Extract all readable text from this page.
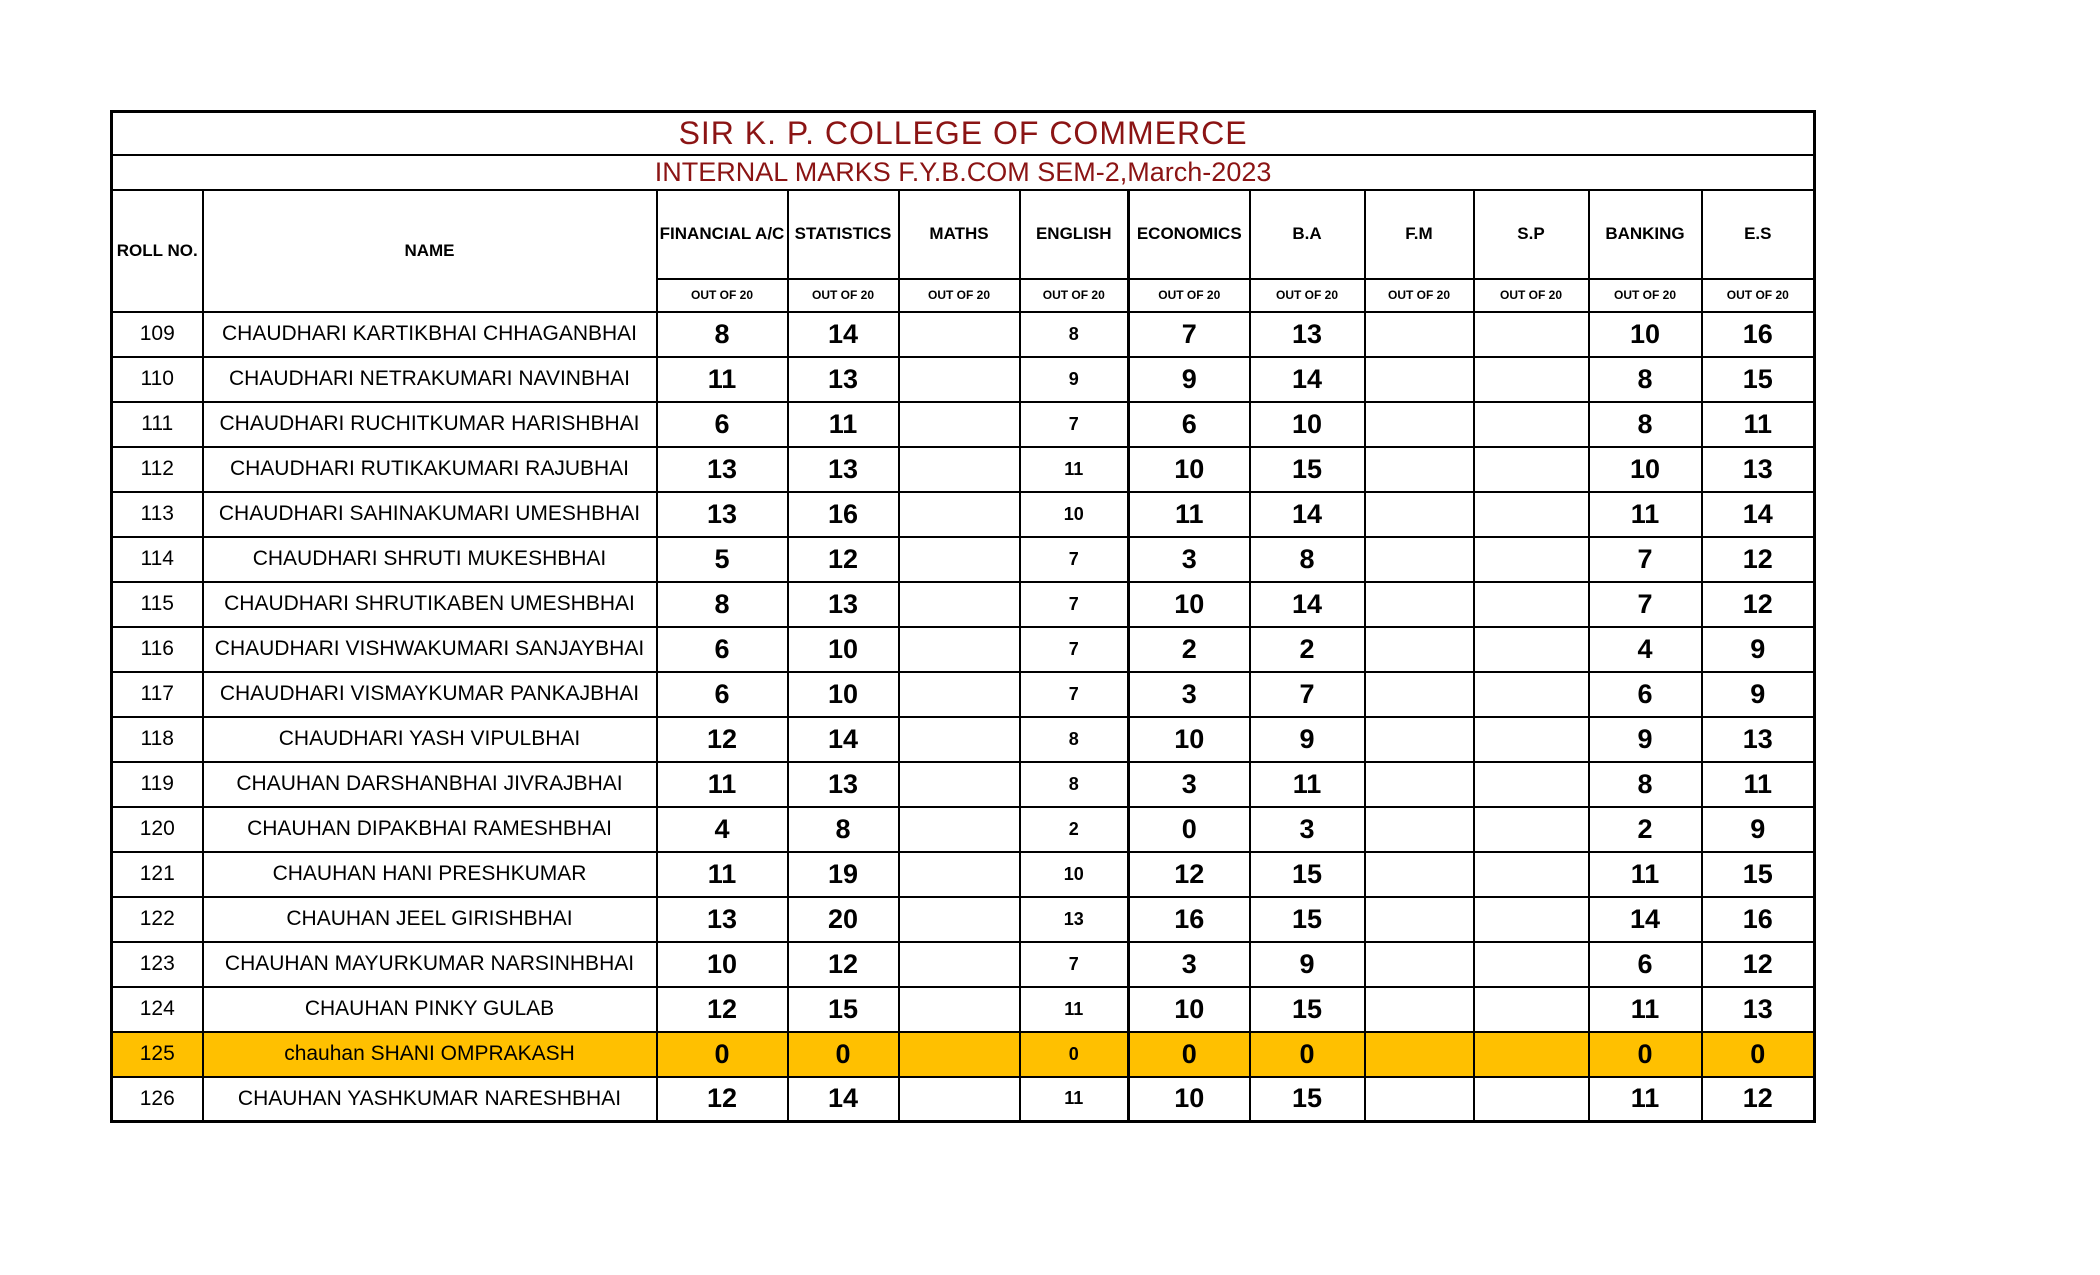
SIR K. P. COLLEGE OF COMMERCE											
INTERNAL MARKS F.Y.B.COM SEM-2,March-2023											
ROLL NO.	NAME	FINANCIAL A/C	STATISTICS	MATHS	ENGLISH	ECONOMICS	B.A	F.M	S.P	BANKING	E.S
		OUT OF 20	OUT OF 20	OUT OF 20	OUT OF 20	OUT OF 20	OUT OF 20	OUT OF 20	OUT OF 20	OUT OF 20	OUT OF 20
109	CHAUDHARI KARTIKBHAI CHHAGANBHAI	8	14		8	7	13			10	16
110	CHAUDHARI NETRAKUMARI NAVINBHAI	11	13		9	9	14			8	15
111	CHAUDHARI RUCHITKUMAR HARISHBHAI	6	11		7	6	10			8	11
112	CHAUDHARI RUTIKAKUMARI RAJUBHAI	13	13		11	10	15			10	13
113	CHAUDHARI SAHINAKUMARI UMESHBHAI	13	16		10	11	14			11	14
114	CHAUDHARI SHRUTI MUKESHBHAI	5	12		7	3	8			7	12
115	CHAUDHARI SHRUTIKABEN UMESHBHAI	8	13		7	10	14			7	12
116	CHAUDHARI VISHWAKUMARI SANJAYBHAI	6	10		7	2	2			4	9
117	CHAUDHARI VISMAYKUMAR PANKAJBHAI	6	10		7	3	7			6	9
118	CHAUDHARI YASH VIPULBHAI	12	14		8	10	9			9	13
119	CHAUHAN DARSHANBHAI JIVRAJBHAI	11	13		8	3	11			8	11
120	CHAUHAN DIPAKBHAI RAMESHBHAI	4	8		2	0	3			2	9
121	CHAUHAN HANI PRESHKUMAR	11	19		10	12	15			11	15
122	CHAUHAN JEEL GIRISHBHAI	13	20		13	16	15			14	16
123	CHAUHAN MAYURKUMAR NARSINHBHAI	10	12		7	3	9			6	12
124	CHAUHAN PINKY GULAB	12	15		11	10	15			11	13
125	chauhan SHANI OMPRAKASH	0	0		0	0	0			0	0
126	CHAUHAN YASHKUMAR NARESHBHAI	12	14		11	10	15			11	12
